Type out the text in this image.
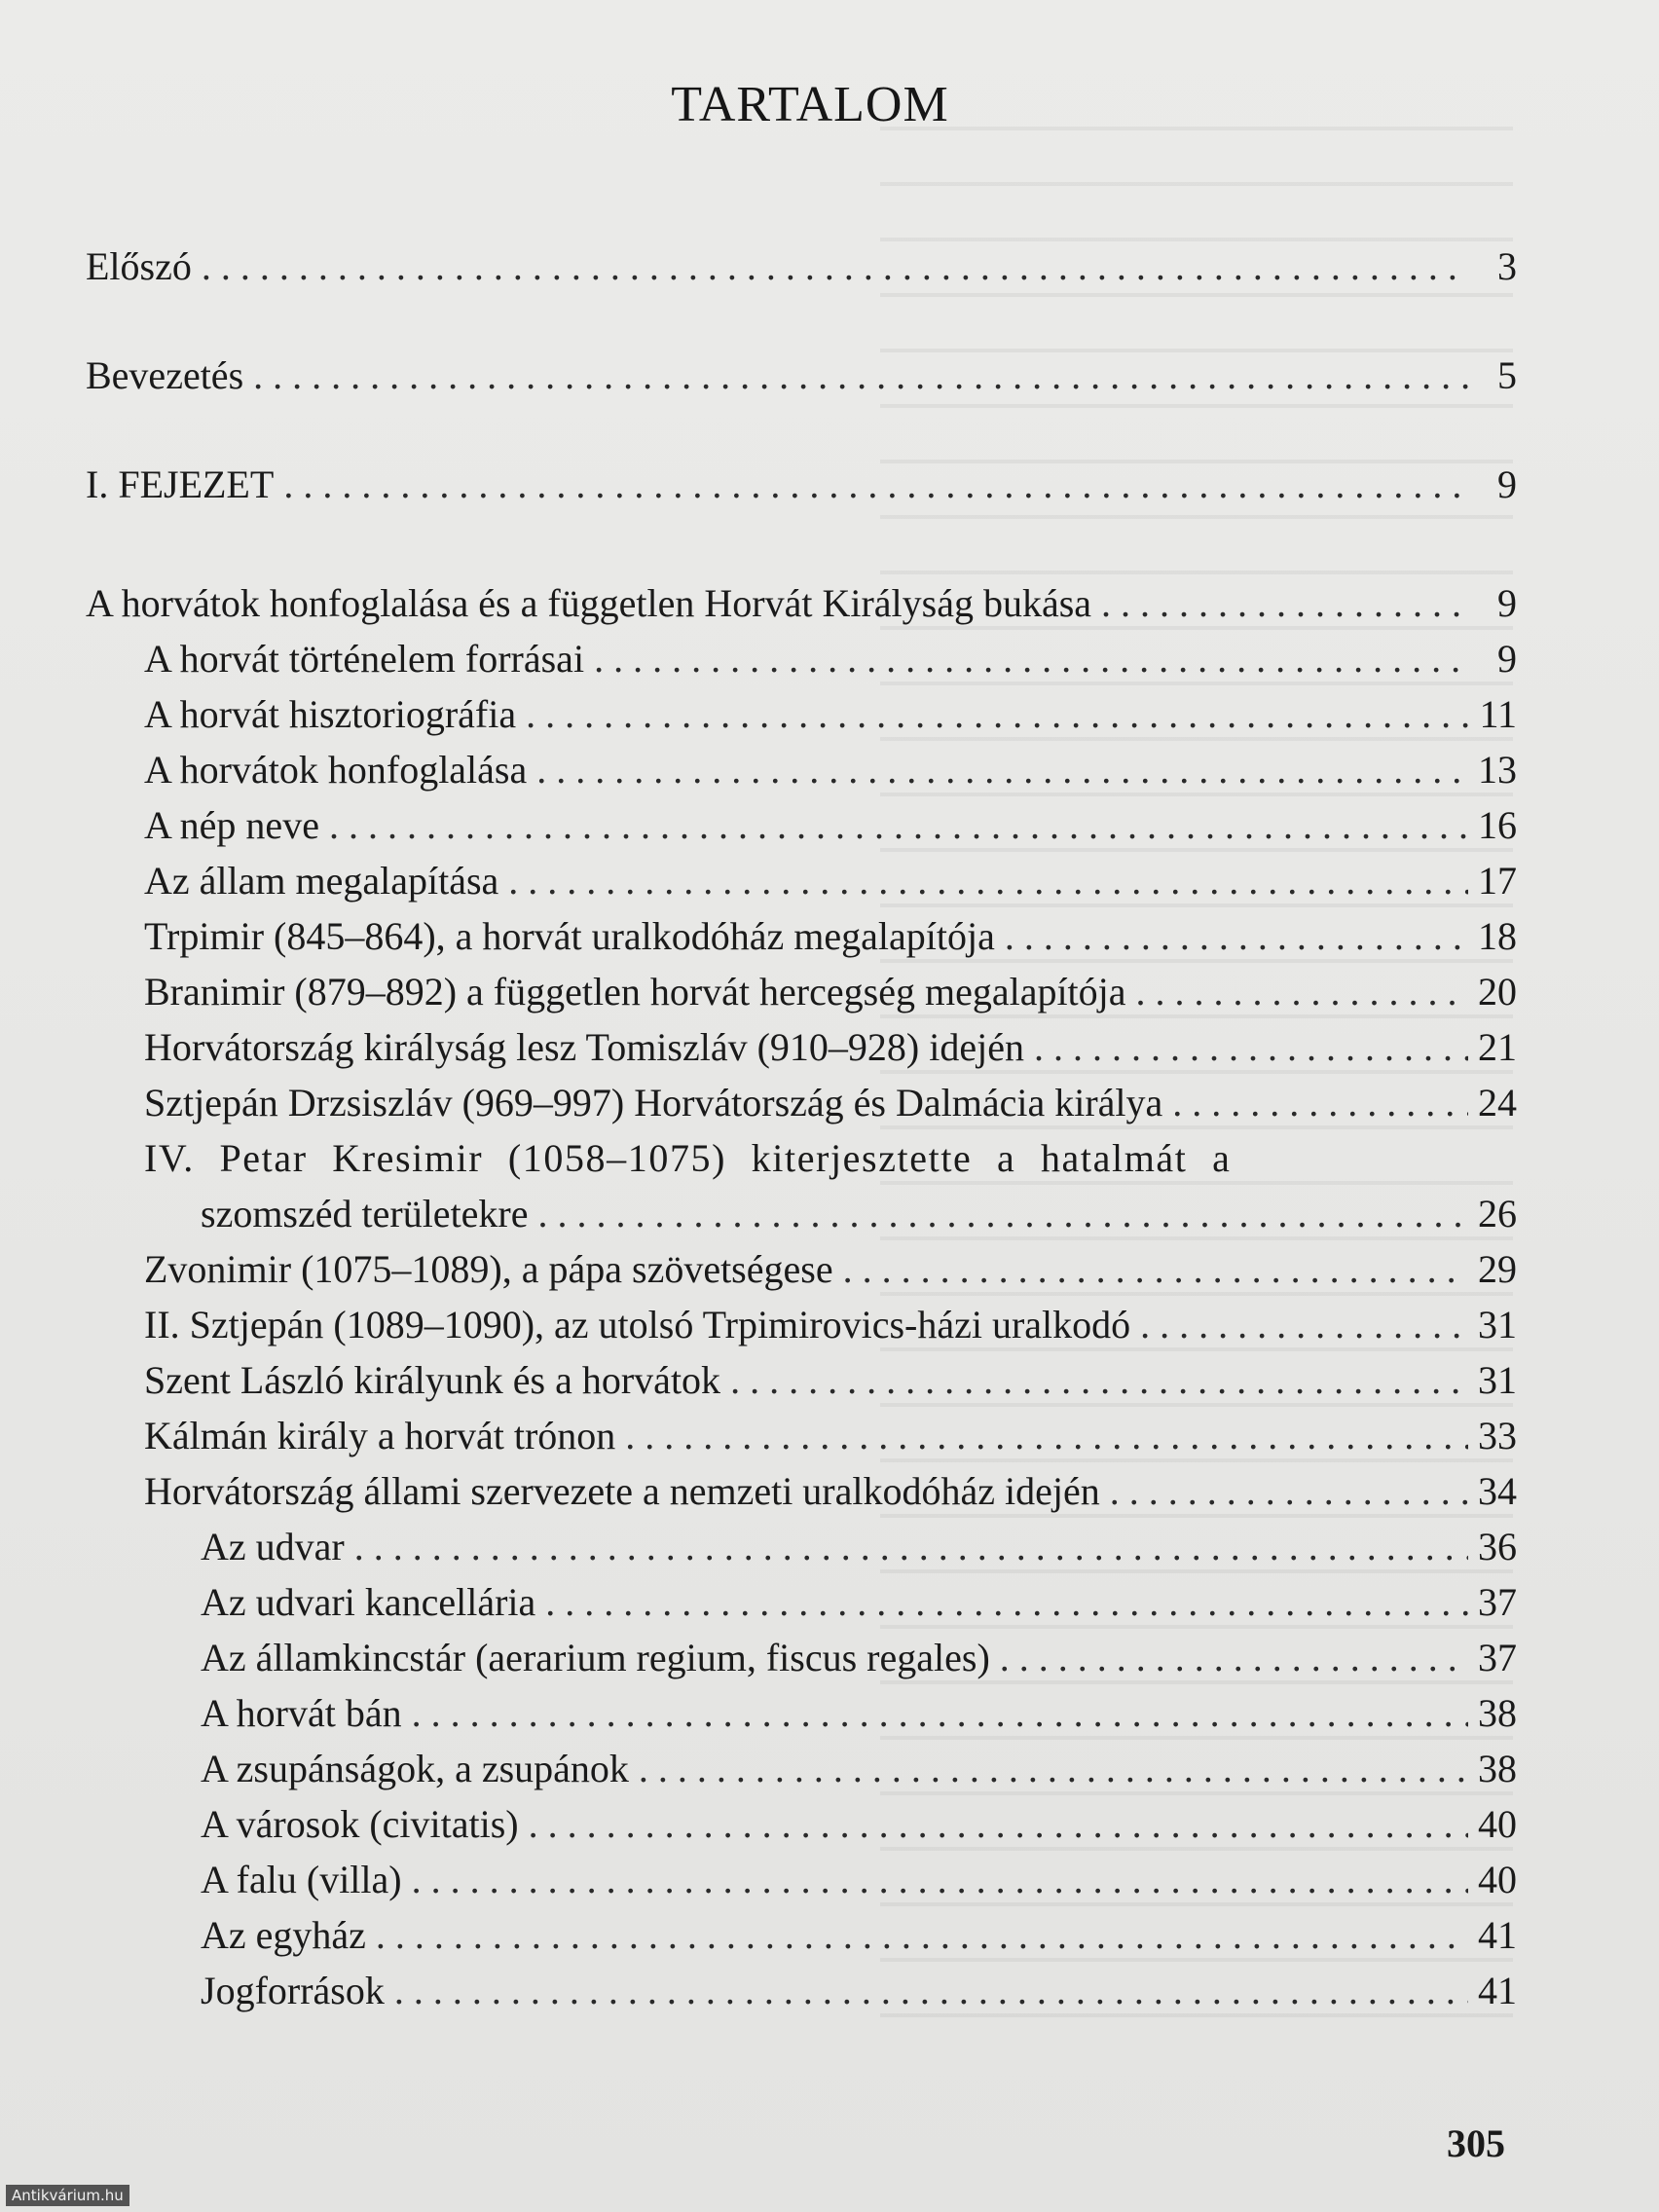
TARTALOM
Előszó . . .	3
Bevezetés . . .	5
I. FEJEZET . . .	9
A horvátok honfoglalása és a független Horvát Királyság bukása . . .	9
A horvát történelem forrásai . . .	9
A horvát hisztoriográfia . . .	11
A horvátok honfoglalása . . .	13
A nép neve . . .	16
Az állam megalapítása . . .	17
Trpimir (845–864), a horvát uralkodóház megalapítója . . .	18
Branimir (879–892) a független horvát hercegség megalapítója . . .	20
Horvátország királyság lesz Tomiszláv (910–928) idején . . .	21
Sztjepán Drzsiszláv (969–997) Horvátország és Dalmácia királya . . .	24
IV. Petar Kresimir (1058–1075) kiterjesztette a hatalmát a
szomszéd területekre . . .	26
Zvonimir (1075–1089), a pápa szövetségese . . .	29
II. Sztjepán (1089–1090), az utolsó Trpimirovics-házi uralkodó . . .	31
Szent László királyunk és a horvátok . . .	31
Kálmán király a horvát trónon . . .	33
Horvátország állami szervezete a nemzeti uralkodóház idején . . .	34
Az udvar . . .	36
Az udvari kancellária . . .	37
Az államkincstár (aerarium regium, fiscus regales) . . .	37
A horvát bán . . .	38
A zsupánságok, a zsupánok . . .	38
A városok (civitatis) . . .	40
A falu (villa) . . .	40
Az egyház . . .	41
Jogforrások . . .	41
305
Antikvárium.hu
